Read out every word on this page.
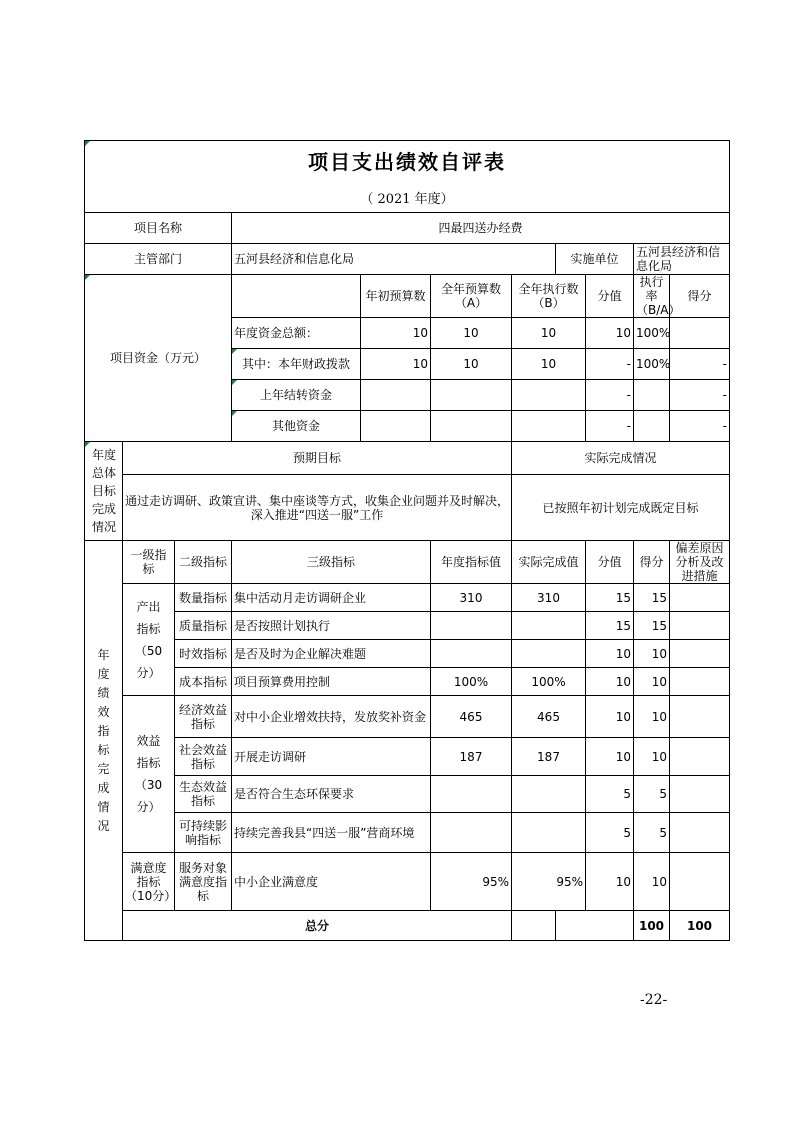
项目支出绩效自评表											
（ 2021 年度）											
项目名称			四最四送办经费								
主管部门			五河县经济和信息化局				实施单位		五河县经济和信息化局		
项目资金（万元）				年初预算数	全年预算数（A）	全年执行数（B）		分值	执行率（B/A）	得分	
			年度资金总额：	10	10	10		10	100%		
			其中：本年财政拨款	10	10	10		-	100%	-	
			上年结转资金					-		-	
			其他资金					-		-	
年度总体目标完成情况	预期目标					实际完成情况					
	通过走访调研、政策宣讲、集中座谈等方式，收集企业问题并及时解决，深入推进“四送一服”工作					已按照年初计划完成既定目标					
年度绩效指标完成情况	一级指标	二级指标	三级指标		年度指标值	实际完成值		分值	得分	偏差原因分析及改进措施	
	产出指标（50分）	数量指标	集中活动月走访调研企业		310	310		15	15		
		质量指标	是否按照计划执行					15	15		
		时效指标	是否及时为企业解决难题					10	10		
		成本指标	项目预算费用控制		100%	100%		10	10		
	效益指标（30分）	经济效益指标	对中小企业增效扶持，发放奖补资金		465	465		10	10		
		社会效益指标	开展走访调研		187	187		10	10		
		生态效益指标	是否符合生态环保要求					5	5		
		可持续影响指标	持续完善我县“四送一服”营商环境					5	5		
	满意度指标（10分）	服务对象满意度指标	中小企业满意度		95%	95%		10	10		
	总分								100	100	
-22-
